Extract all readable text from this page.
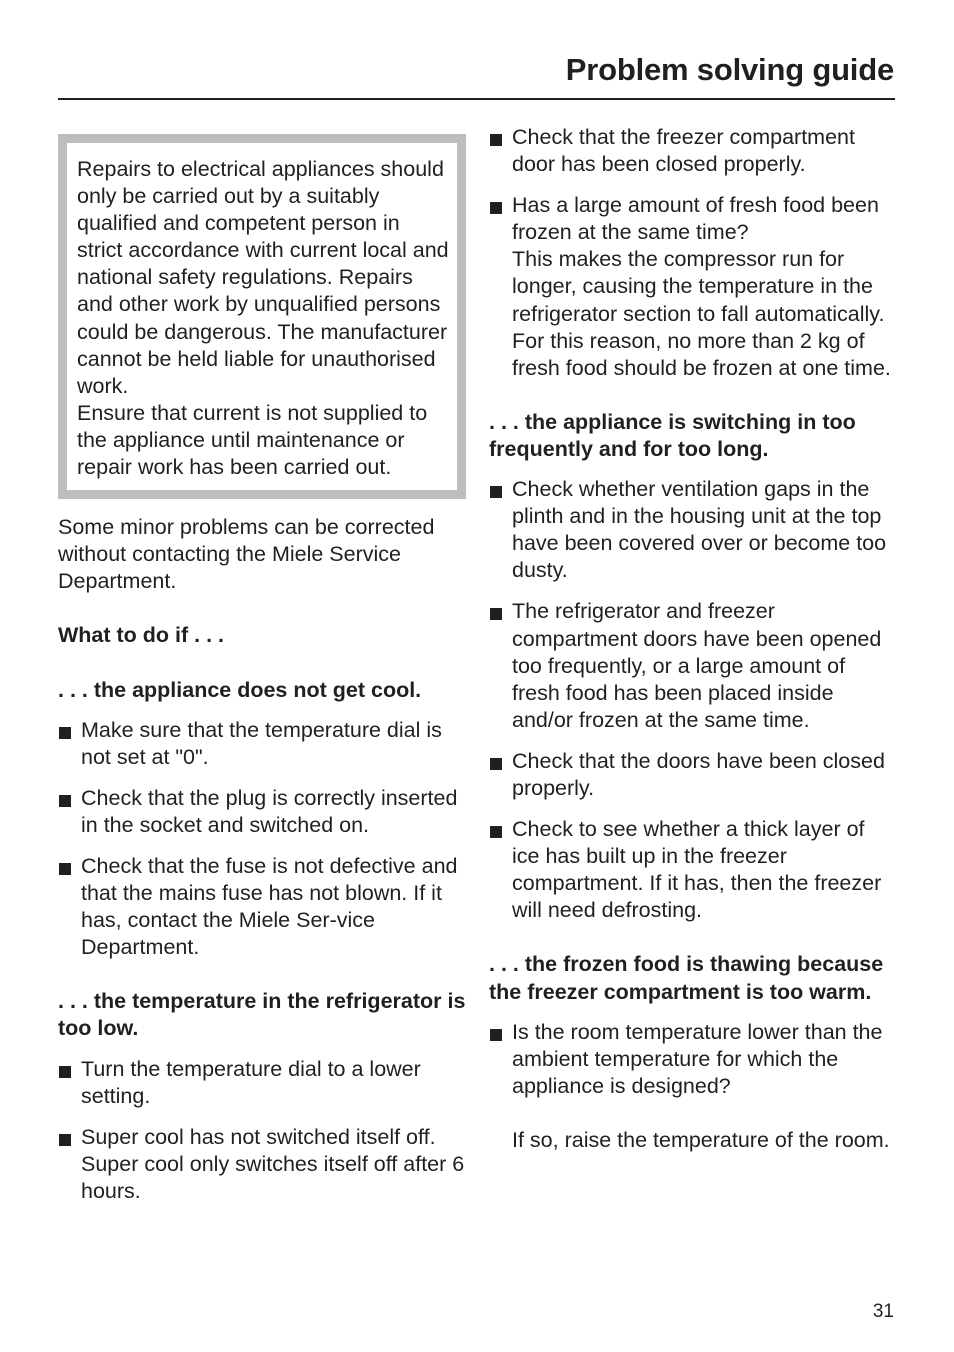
Problem solving guide

Repairs to electrical appliances should only be carried out by a suitably qualified and competent person in strict accordance with current local and national safety regulations. Repairs and other work by unqualified persons could be dangerous. The manufacturer cannot be held liable for unauthorised work.
Ensure that current is not supplied to the appliance until maintenance or repair work has been carried out.

Some minor problems can be corrected without contacting the Miele Service Department.

What to do if . . .
. . . the appliance does not get cool.
Make sure that the temperature dial is not set at "0".
Check that the plug is correctly inserted in the socket and switched on.
Check that the fuse is not defective and that the mains fuse has not blown. If it has, contact the Miele Ser-vice Department.
. . . the temperature in the refrigerator is too low.
Turn the temperature dial to a lower setting.
Super cool has not switched itself off. Super cool only switches itself off after 6 hours.
Check that the freezer compartment door has been closed properly.
Has a large amount of fresh food been frozen at the same time?
This makes the compressor run for longer, causing the temperature in the refrigerator section to fall automatically. For this reason, no more than 2 kg of fresh food should be frozen at one time.
. . . the appliance is switching in too frequently and for too long.
Check whether ventilation gaps in the plinth and in the housing unit at the top have been covered over or become too dusty.
The refrigerator and freezer compartment doors have been opened too frequently, or a large amount of fresh food has been placed inside and/or frozen at the same time.
Check that the doors have been closed properly.
Check to see whether a thick layer of ice has built up in the freezer compartment. If it has, then the freezer will need defrosting.
. . . the frozen food is thawing because the freezer compartment is too warm.
Is the room temperature lower than the ambient temperature for which the appliance is designed?

If so, raise the temperature of the room.
31
